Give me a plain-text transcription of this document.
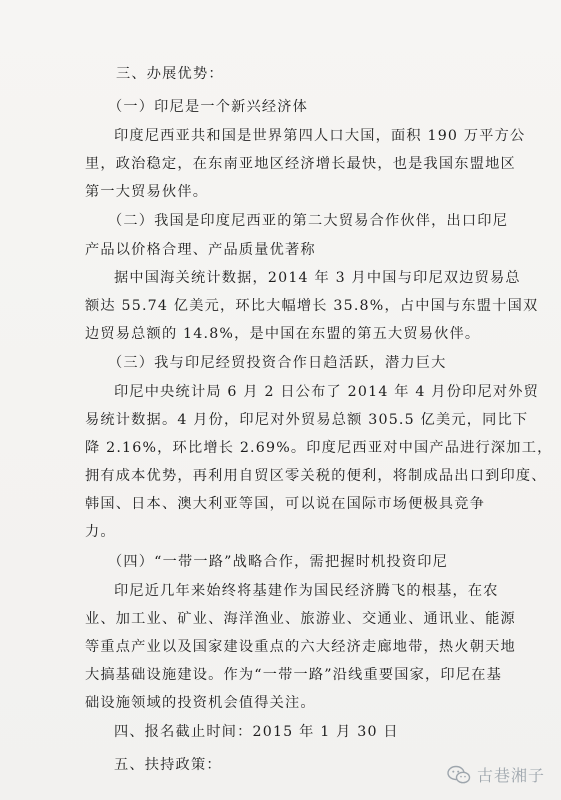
三、办展优势：
（一）印尼是一个新兴经济体
印度尼西亚共和国是世界第四人口大国，面积 190 万平方公
里，政治稳定，在东南亚地区经济增长最快，也是我国东盟地区
第一大贸易伙伴。
（二）我国是印度尼西亚的第二大贸易合作伙伴，出口印尼
产品以价格合理、产品质量优著称
据中国海关统计数据，2014 年 3 月中国与印尼双边贸易总
额达 55.74 亿美元，环比大幅增长 35.8%，占中国与东盟十国双
边贸易总额的 14.8%，是中国在东盟的第五大贸易伙伴。
（三）我与印尼经贸投资合作日趋活跃，潜力巨大
印尼中央统计局 6 月 2 日公布了 2014 年 4 月份印尼对外贸
易统计数据。4 月份，印尼对外贸易总额 305.5 亿美元，同比下
降 2.16%，环比增长 2.69%。印度尼西亚对中国产品进行深加工，
拥有成本优势，再利用自贸区零关税的便利，将制成品出口到印度、
韩国、日本、澳大利亚等国，可以说在国际市场便极具竞争
力。
（四）“一带一路”战略合作，需把握时机投资印尼
印尼近几年来始终将基建作为国民经济腾飞的根基，在农
业、加工业、矿业、海洋渔业、旅游业、交通业、通讯业、能源
等重点产业以及国家建设重点的六大经济走廊地带，热火朝天地
大搞基础设施建设。作为“一带一路”沿线重要国家，印尼在基
础设施领域的投资机会值得关注。
四、报名截止时间：2015 年 1 月 30 日
五、扶持政策：
古巷湘子
